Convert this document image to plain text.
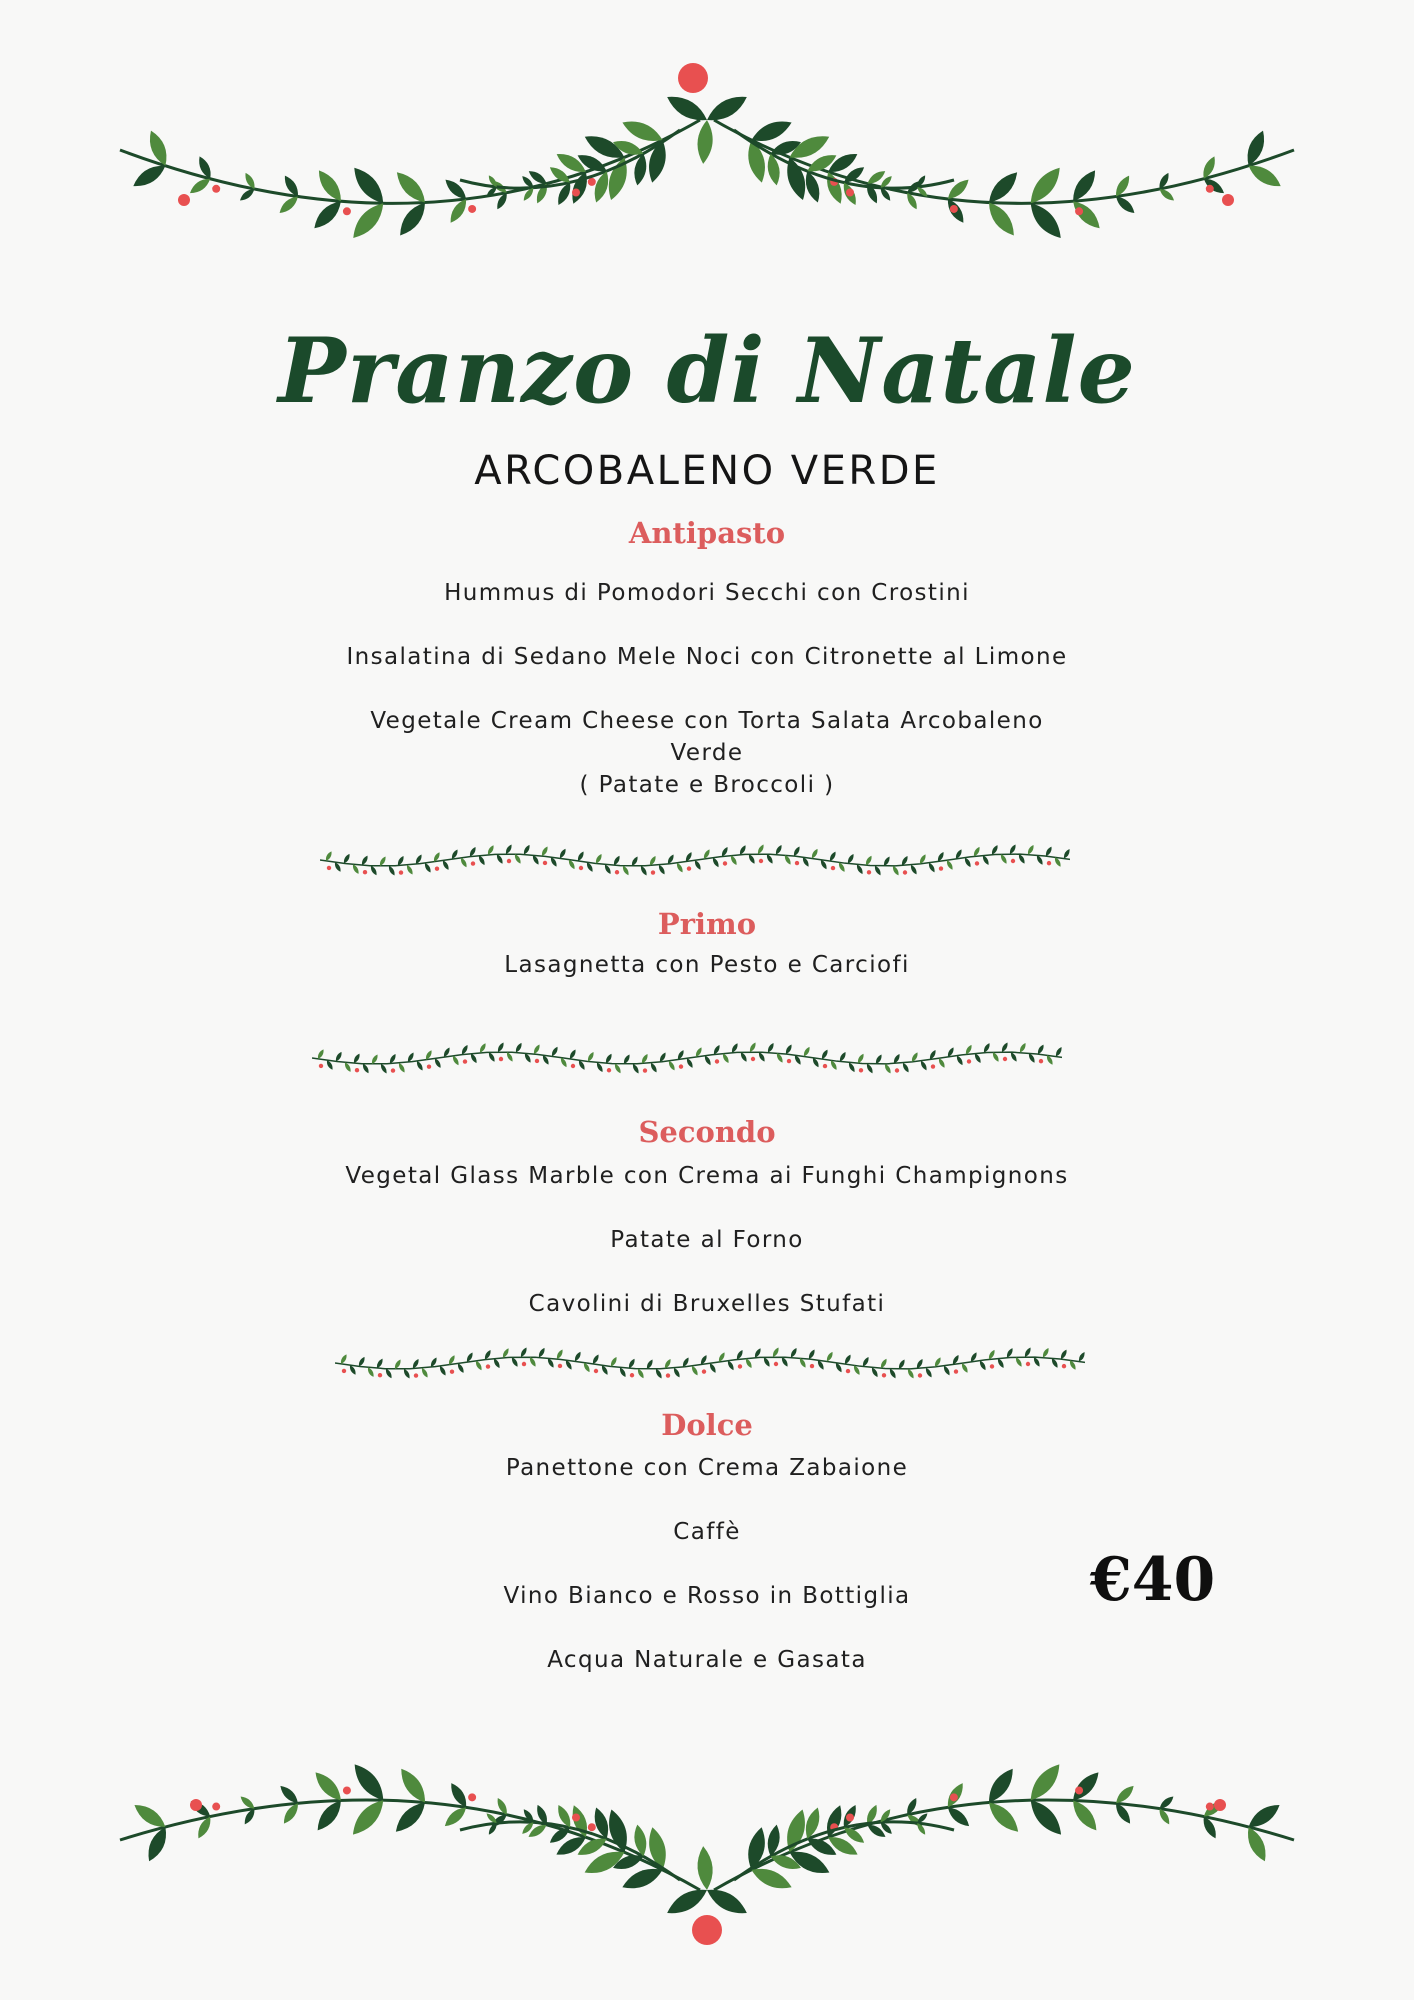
Pranzo di Natale
ARCOBALENO VERDE
Antipasto
Hummus di Pomodori Secchi con Crostini
Insalatina di Sedano Mele Noci con Citronette al Limone
Vegetale Cream Cheese con Torta Salata Arcobaleno
Verde
( Patate e Broccoli )
Primo
Lasagnetta con Pesto e Carciofi
Secondo
Vegetal Glass Marble con Crema ai Funghi Champignons
Patate al Forno
Cavolini di Bruxelles Stufati
Dolce
Panettone con Crema Zabaione
Caffè
Vino Bianco e Rosso in Bottiglia
Acqua Naturale e Gasata
€40
